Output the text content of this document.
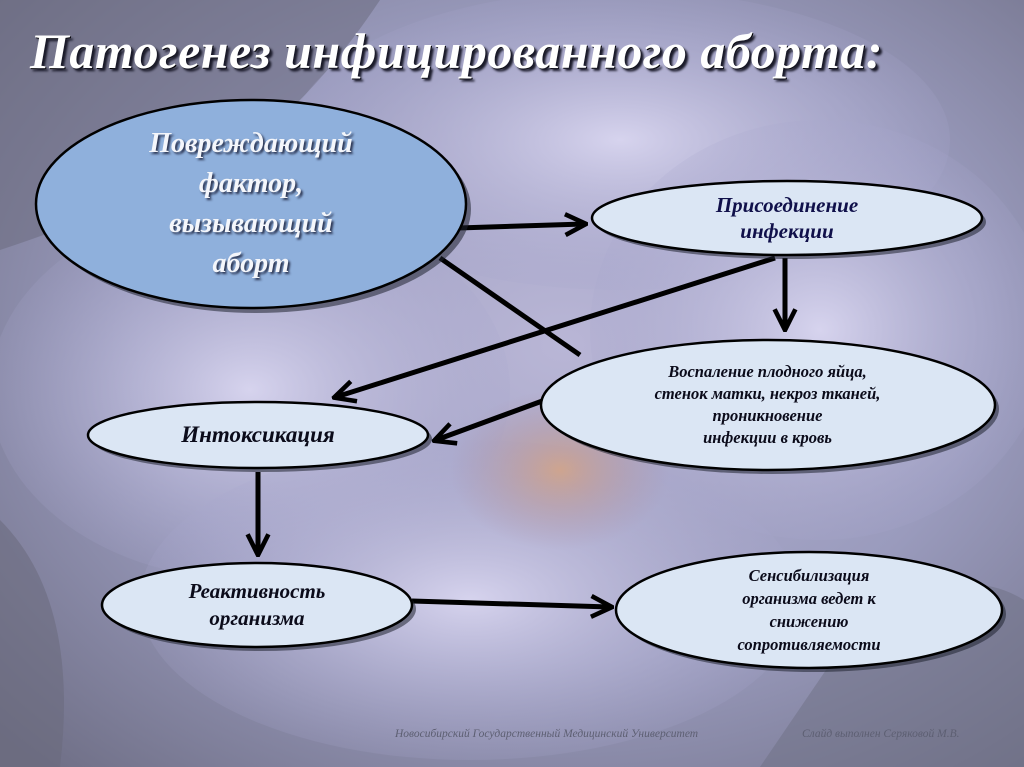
Патогенез инфицированного аборта:
Повреждающий
фактор,
вызывающий
аборт
Присоединение
инфекции
Воспаление плодного яйца,
стенок матки, некроз тканей,
проникновение
инфекции в кровь
Интоксикация
Реактивность
организма
Сенсибилизация
организма ведет к
снижению
сопротивляемости
Новосибирский Государственный Медицинский Университет	Слайд выполнен Серяковой М.В.
